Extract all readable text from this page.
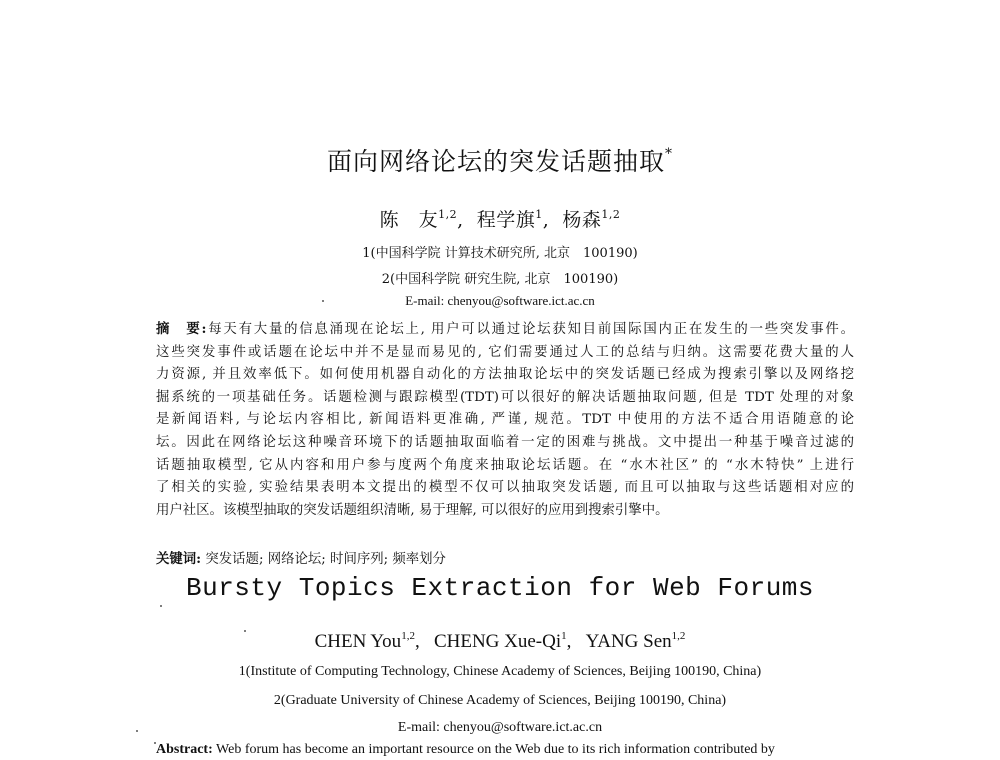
面向网络论坛的突发话题抽取*
陈　友$^{1,2}$, 程学旗$^1$, 杨森$^{1,2}$
1(中国科学院 计算技术研究所, 北京　100190)
2(中国科学院 研究生院, 北京　100190)
E-mail: chenyou@software.ict.ac.cn
摘　要:每天有大量的信息涌现在论坛上, 用户可以通过论坛获知目前国际国内正在发生的一些突发事件。
这些突发事件或话题在论坛中并不是显而易见的, 它们需要通过人工的总结与归纳。这需要花费大量的人
力资源, 并且效率低下。如何使用机器自动化的方法抽取论坛中的突发话题已经成为搜索引擎以及网络挖
掘系统的一项基础任务。话题检测与跟踪模型(TDT)可以很好的解决话题抽取问题, 但是 TDT 处理的对象
是新闻语料, 与论坛内容相比, 新闻语料更准确, 严谨, 规范。TDT 中使用的方法不适合用语随意的论
坛。因此在网络论坛这种噪音环境下的话题抽取面临着一定的困难与挑战。文中提出一种基于噪音过滤的
话题抽取模型, 它从内容和用户参与度两个角度来抽取论坛话题。在 “水木社区” 的 “水木特快” 上进行
了相关的实验, 实验结果表明本文提出的模型不仅可以抽取突发话题, 而且可以抽取与这些话题相对应的
用户社区。该模型抽取的突发话题组织清晰, 易于理解, 可以很好的应用到搜索引擎中。
关键词: 突发话题; 网络论坛; 时间序列; 频率划分
Bursty Topics Extraction for Web Forums
CHEN You$^{1,2}$, CHENG Xue-Qi$^1$, YANG Sen$^{1,2}$
1(Institute of Computing Technology, Chinese Academy of Sciences, Beijing 100190, China)
2(Graduate University of Chinese Academy of Sciences, Beijing 100190, China)
E-mail: chenyou@software.ict.ac.cn
Abstract: Web forum has become an important resource on the Web due to its rich information contributed by
